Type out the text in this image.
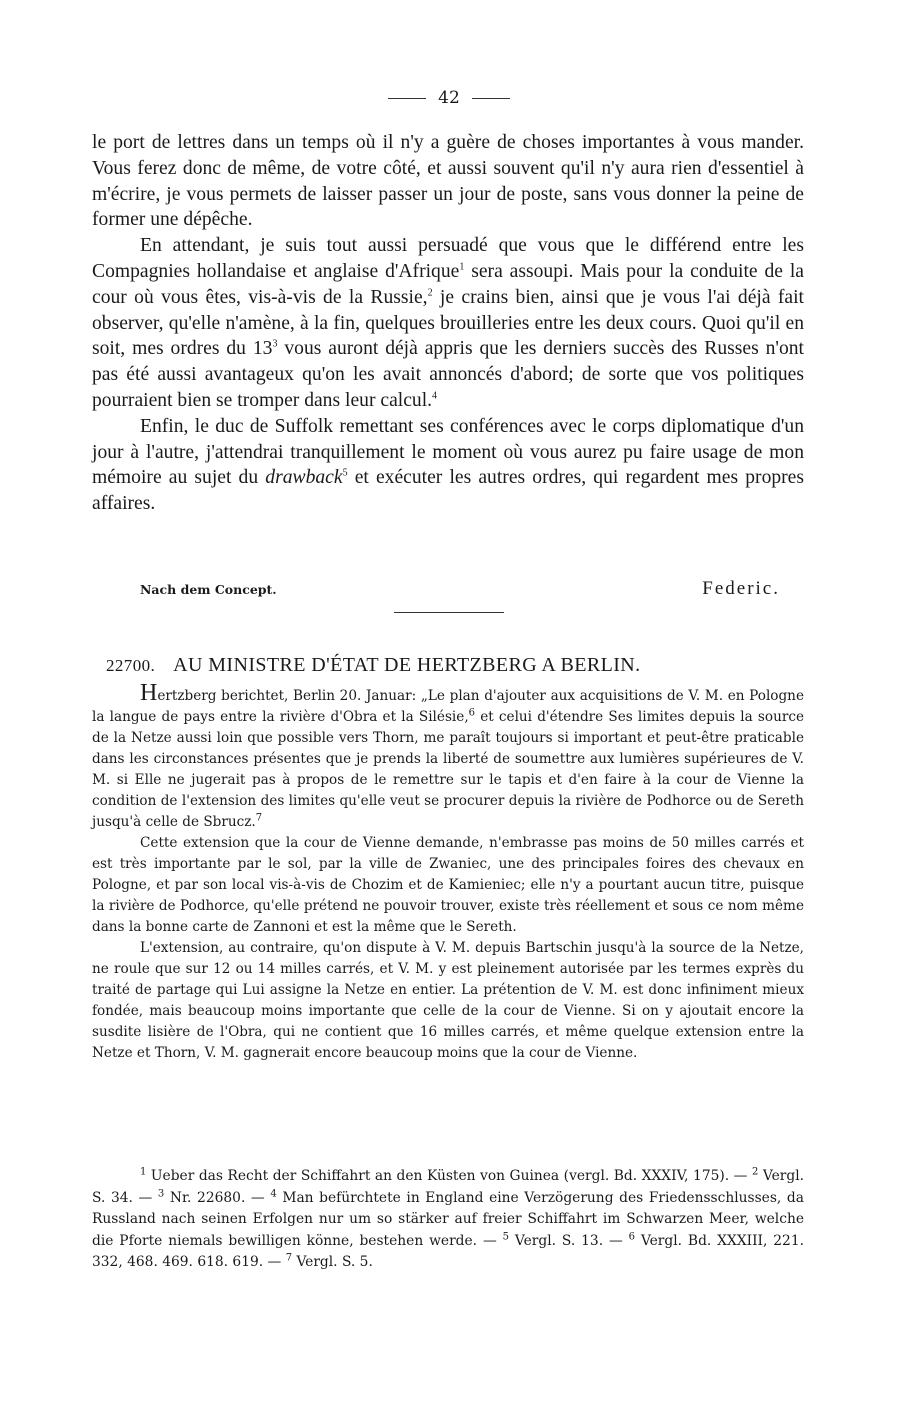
42

le port de lettres dans un temps où il n'y a guère de choses importantes à vous mander. Vous ferez donc de même, de votre côté, et aussi souvent qu'il n'y aura rien d'essentiel à m'écrire, je vous permets de laisser passer un jour de poste, sans vous donner la peine de former une dépêche.

En attendant, je suis tout aussi persuadé que vous que le différend entre les Compagnies hollandaise et anglaise d'Afrique$^1$ sera assoupi. Mais pour la conduite de la cour où vous êtes, vis-à-vis de la Russie,$^2$ je crains bien, ainsi que je vous l'ai déjà fait observer, qu'elle n'amène, à la fin, quelques brouilleries entre les deux cours. Quoi qu'il en soit, mes ordres du $13^3$ vous auront déjà appris que les derniers succès des Russes n'ont pas été aussi avantageux qu'on les avait annoncés d'abord; de sorte que vos politiques pourraient bien se tromper dans leur calcul.$^4$

Enfin, le duc de Suffolk remettant ses conférences avec le corps diplomatique d'un jour à l'autre, j'attendrai tranquillement le moment où vous aurez pu faire usage de mon mémoire au sujet du drawback$^5$ et exécuter les autres ordres, qui regardent mes propres affaires.

Nach dem Concept.	Federic.
22700. AU MINISTRE D'ÉTAT DE HERTZBERG A BERLIN.

Hertzberg berichtet, Berlin 20. Januar: „Le plan d'ajouter aux acquisitions de V. M. en Pologne la langue de pays entre la rivière d'Obra et la Silésie,$^6$ et celui d'étendre Ses limites depuis la source de la Netze aussi loin que possible vers Thorn, me paraît toujours si important et peut-être praticable dans les circonstances présentes que je prends la liberté de soumettre aux lumières supérieures de V. M. si Elle ne jugerait pas à propos de le remettre sur le tapis et d'en faire à la cour de Vienne la condition de l'extension des limites qu'elle veut se procurer depuis la rivière de Podhorce ou de Sereth jusqu'à celle de Sbrucz.$^7$

Cette extension que la cour de Vienne demande, n'embrasse pas moins de 50 milles carrés et est très importante par le sol, par la ville de Zwaniec, une des principales foires des chevaux en Pologne, et par son local vis-à-vis de Chozim et de Kamieniec; elle n'y a pourtant aucun titre, puisque la rivière de Podhorce, qu'elle prétend ne pouvoir trouver, existe très réellement et sous ce nom même dans la bonne carte de Zannoni et est la même que le Sereth.

L'extension, au contraire, qu'on dispute à V. M. depuis Bartschin jusqu'à la source de la Netze, ne roule que sur 12 ou 14 milles carrés, et V. M. y est pleinement autorisée par les termes exprès du traité de partage qui Lui assigne la Netze en entier. La prétention de V. M. est donc infiniment mieux fondée, mais beaucoup moins importante que celle de la cour de Vienne. Si on y ajoutait encore la susdite lisière de l'Obra, qui ne contient que 16 milles carrés, et même quelque extension entre la Netze et Thorn, V. M. gagnerait encore beaucoup moins que la cour de Vienne.

$^1$ Ueber das Recht der Schiffahrt an den Küsten von Guinea (vergl. Bd. XXXIV, 175). — $^2$ Vergl. S. 34. — $^3$ Nr. 22680. — $^4$ Man befürchtete in England eine Verzögerung des Friedensschlusses, da Russland nach seinen Erfolgen nur um so stärker auf freier Schiffahrt im Schwarzen Meer, welche die Pforte niemals bewilligen könne, bestehen werde. — $^5$ Vergl. S. 13. — $^6$ Vergl. Bd. XXXIII, 221. 332, 468. 469. 618. 619. — $^7$ Vergl. S. 5.
